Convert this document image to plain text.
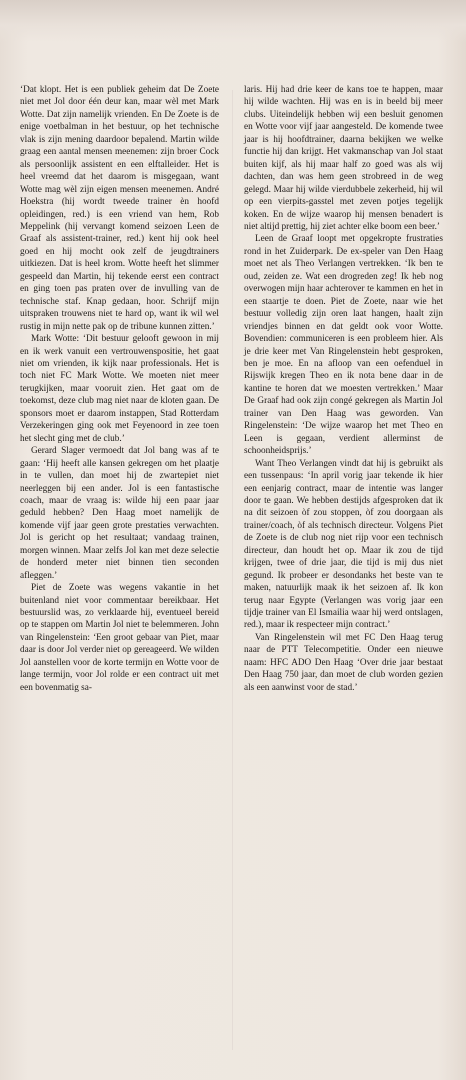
‘Dat klopt. Het is een publiek geheim dat De Zoete niet met Jol door één deur kan, maar wèl met Mark Wotte. Dat zijn namelijk vrienden. En De Zoete is de enige voetbalman in het bestuur, op het technische vlak is zijn mening daardoor bepalend. Martin wilde graag een aantal mensen meenemen: zijn broer Cock als persoonlijk assistent en een elftalleider. Het is heel vreemd dat het daarom is misgegaan, want Wotte mag wèl zijn eigen mensen meenemen. André Hoekstra (hij wordt tweede trainer èn hoofd opleidingen, red.) is een vriend van hem, Rob Meppelink (hij vervangt komend seizoen Leen de Graaf als assistent-trainer, red.) kent hij ook heel goed en hij mocht ook zelf de jeugdtrainers uitkiezen. Dat is heel krom. Wotte heeft het slimmer gespeeld dan Martin, hij tekende eerst een contract en ging toen pas praten over de invulling van de technische staf. Knap gedaan, hoor. Schrijf mijn uitspraken trouwens niet te hard op, want ik wil wel rustig in mijn nette pak op de tribune kunnen zitten.’

Mark Wotte: ‘Dit bestuur gelooft gewoon in mij en ik werk vanuit een vertrouwenspositie, het gaat niet om vrienden, ik kijk naar professionals. Het is toch niet FC Mark Wotte. We moeten niet meer terugkijken, maar vooruit zien. Het gaat om de toekomst, deze club mag niet naar de kloten gaan. De sponsors moet er daarom instappen, Stad Rotterdam Verzekeringen ging ook met Feyenoord in zee toen het slecht ging met de club.’

Gerard Slager vermoedt dat Jol bang was af te gaan: ‘Hij heeft alle kansen gekregen om het plaatje in te vullen, dan moet hij de zwartepiet niet neerleggen bij een ander. Jol is een fantastische coach, maar de vraag is: wilde hij een paar jaar geduld hebben? Den Haag moet namelijk de komende vijf jaar geen grote prestaties verwachten. Jol is gericht op het resultaat; vandaag trainen, morgen winnen. Maar zelfs Jol kan met deze selectie de honderd meter niet binnen tien seconden afleggen.’

Piet de Zoete was wegens vakantie in het buitenland niet voor commentaar bereikbaar. Het bestuurslid was, zo verklaarde hij, eventueel bereid op te stappen om Martin Jol niet te belemmeren. John van Ringelenstein: ‘Een groot gebaar van Piet, maar daar is door Jol verder niet op gereageerd. We wilden Jol aanstellen voor de korte termijn en Wotte voor de lange termijn, voor Jol rolde er een contract uit met een bovenmatig sa-

laris. Hij had drie keer de kans toe te happen, maar hij wilde wachten. Hij was en is in beeld bij meer clubs. Uiteindelijk hebben wij een besluit genomen en Wotte voor vijf jaar aangesteld. De komende twee jaar is hij hoofdtrainer, daarna bekijken we welke functie hij dan krijgt. Het vakmanschap van Jol staat buiten kijf, als hij maar half zo goed was als wij dachten, dan was hem geen strobreed in de weg gelegd. Maar hij wilde vierdubbele zekerheid, hij wil op een vierpits-gasstel met zeven potjes tegelijk koken. En de wijze waarop hij mensen benadert is niet altijd prettig, hij ziet achter elke boom een beer.’

Leen de Graaf loopt met opgekropte frustraties rond in het Zuiderpark. De ex-speler van Den Haag moet net als Theo Verlangen vertrekken. ‘Ik ben te oud, zeiden ze. Wat een drogreden zeg! Ik heb nog overwogen mijn haar achterover te kammen en het in een staartje te doen. Piet de Zoete, naar wie het bestuur volledig zijn oren laat hangen, haalt zijn vriendjes binnen en dat geldt ook voor Wotte. Bovendien: communiceren is een probleem hier. Als je drie keer met Van Ringelenstein hebt gesproken, ben je moe. En na afloop van een oefenduel in Rijswijk kregen Theo en ik nota bene daar in de kantine te horen dat we moesten vertrekken.’ Maar De Graaf had ook zijn congé gekregen als Martin Jol trainer van Den Haag was geworden. Van Ringelenstein: ‘De wijze waarop het met Theo en Leen is gegaan, verdient allerminst de schoonheidsprijs.’

Want Theo Verlangen vindt dat hij is gebruikt als een tussenpaus: ‘In april vorig jaar tekende ik hier een eenjarig contract, maar de intentie was langer door te gaan. We hebben destijds afgesproken dat ik na dit seizoen òf zou stoppen, òf zou doorgaan als trainer/coach, òf als technisch directeur. Volgens Piet de Zoete is de club nog niet rijp voor een technisch directeur, dan houdt het op. Maar ik zou de tijd krijgen, twee of drie jaar, die tijd is mij dus niet gegund. Ik probeer er desondanks het beste van te maken, natuurlijk maak ik het seizoen af. Ik kon terug naar Egypte (Verlangen was vorig jaar een tijdje trainer van El Ismailia waar hij werd ontslagen, red.), maar ik respecteer mijn contract.’

Van Ringelenstein wil met FC Den Haag terug naar de PTT Telecompetitie. Onder een nieuwe naam: HFC ADO Den Haag ‘Over drie jaar bestaat Den Haag 750 jaar, dan moet de club worden gezien als een aanwinst voor de stad.’
